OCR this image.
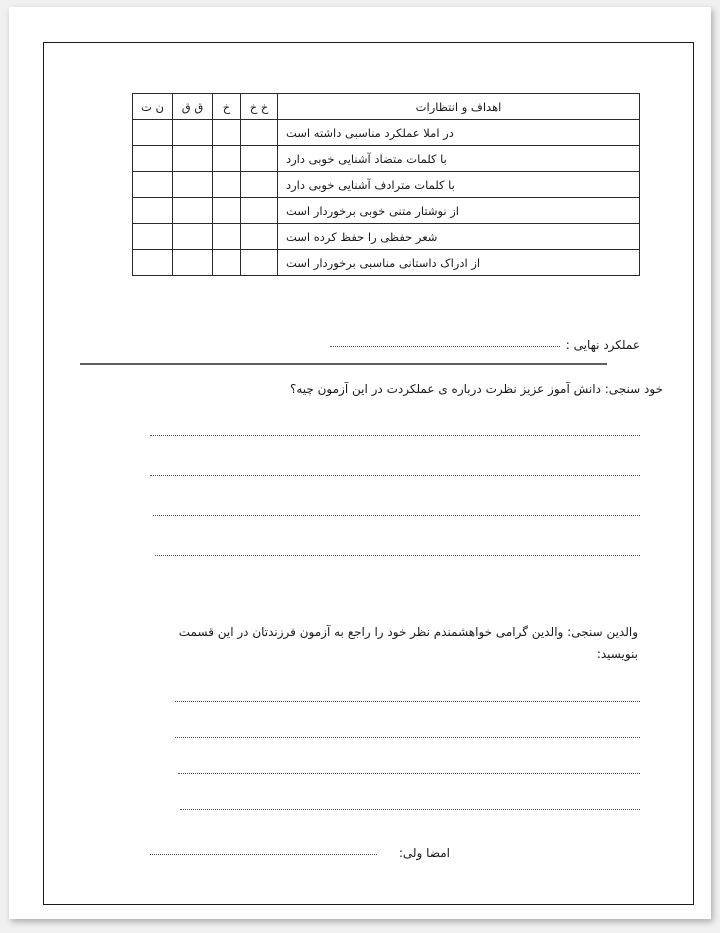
اهداف و انتظارات	خ خ	خ	ق ق	ن ت
در املا عملکرد مناسبی داشته است				
با کلمات متضاد آشنایی خوبی دارد				
با کلمات مترادف آشنایی خوبی دارد				
از نوشتار متنی خوبی برخوردار است				
شعر حفظی را حفظ کرده است				
از ادراک داستانی مناسبی برخوردار است				
عملکرد نهایی :
خود سنجی: دانش آموز عزیز نظرت درباره ی عملکردت در این آزمون چیه؟
والدین سنجی: والدین گرامی خواهشمندم نظر خود را راجع به آزمون فرزندتان در این قسمت بنویسید:
امضا ولی:
